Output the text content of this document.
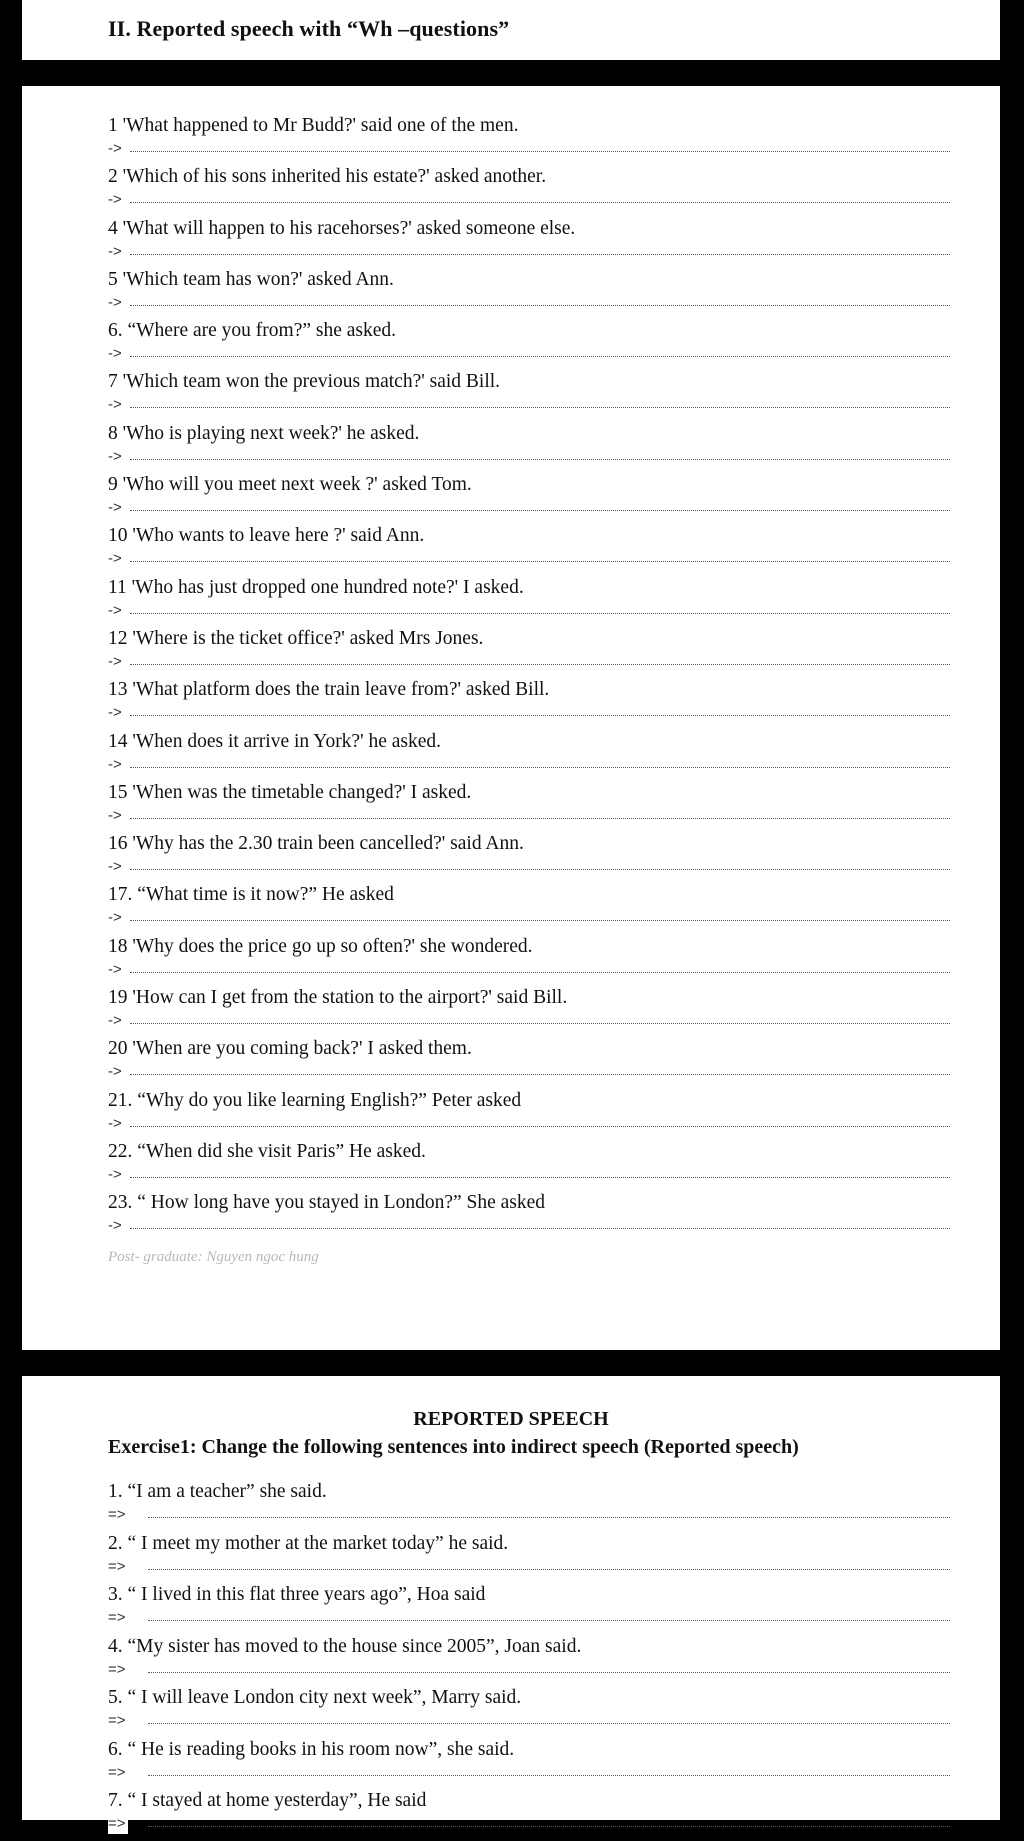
II. Reported speech with “Wh –questions”
1 'What happened to Mr Budd?' said one of the men.
->
2 'Which of his sons inherited his estate?' asked another.
->
4 'What will happen to his racehorses?' asked someone else.
->
5 'Which team has won?' asked Ann.
->
6. “Where are you from?” she asked.
->
7 'Which team won the previous match?' said Bill.
->
8 'Who is playing next week?' he asked.
->
9 'Who will you meet next week ?' asked Tom.
->
10 'Who wants to leave here ?' said Ann.
->
11 'Who has just dropped one hundred note?' I asked.
->
12 'Where is the ticket office?' asked Mrs Jones.
->
13 'What platform does the train leave from?' asked Bill.
->
14 'When does it arrive in York?' he asked.
->
15 'When was the timetable changed?' I asked.
->
16 'Why has the 2.30 train been cancelled?' said Ann.
->
17. “What time is it now?” He asked
->
18 'Why does the price go up so often?' she wondered.
->
19 'How can I get from the station to the airport?' said Bill.
->
20 'When are you coming back?' I asked them.
->
21. “Why do you like learning English?” Peter asked
->
22. “When did she visit Paris” He asked.
->
23. “ How long have you stayed in London?” She asked
->
Post- graduate: Nguyen ngoc hung
REPORTED SPEECH
Exercise1: Change the following sentences into indirect speech (Reported speech)
1. “I am a teacher” she said.
=>
2. “ I meet my mother at the market today” he said.
=>
3. “ I lived in this flat three years ago”, Hoa said
=>
4. “My sister has moved to the house since 2005”, Joan said.
=>
5. “ I will leave London city next week”, Marry said.
=>
6. “ He is reading books in his room now”, she said.
=>
7. “ I stayed at home yesterday”, He said
=>
